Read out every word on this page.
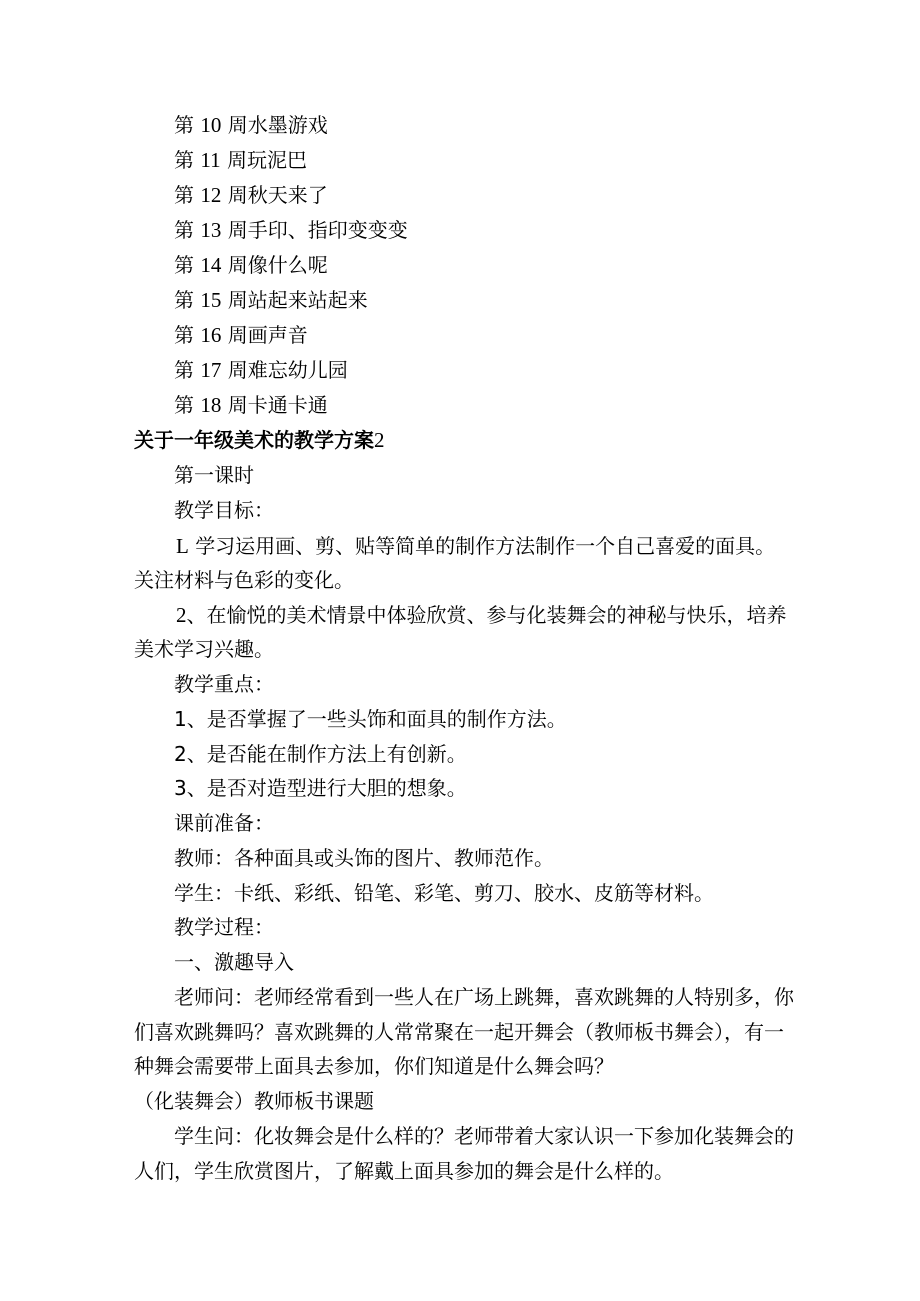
第 10 周水墨游戏
第 11 周玩泥巴
第 12 周秋天来了
第 13 周手印、指印变变变
第 14 周像什么呢
第 15 周站起来站起来
第 16 周画声音
第 17 周难忘幼儿园
第 18 周卡通卡通
关于一年级美术的教学方案2
第一课时
教学目标：
L 学习运用画、剪、贴等简单的制作方法制作一个自己喜爱的面具。
关注材料与色彩的变化。
2、在愉悦的美术情景中体验欣赏、参与化装舞会的神秘与快乐，培养
美术学习兴趣。
教学重点：
1、是否掌握了一些头饰和面具的制作方法。
2、是否能在制作方法上有创新。
3、是否对造型进行大胆的想象。
课前准备：
教师：各种面具或头饰的图片、教师范作。
学生：卡纸、彩纸、铅笔、彩笔、剪刀、胶水、皮筋等材料。
教学过程：
一、激趣导入
老师问：老师经常看到一些人在广场上跳舞，喜欢跳舞的人特别多，你
们喜欢跳舞吗？喜欢跳舞的人常常聚在一起开舞会（教师板书舞会），有一
种舞会需要带上面具去参加，你们知道是什么舞会吗？
（化装舞会）教师板书课题
学生问：化妆舞会是什么样的？老师带着大家认识一下参加化装舞会的
人们，学生欣赏图片，了解戴上面具参加的舞会是什么样的。
